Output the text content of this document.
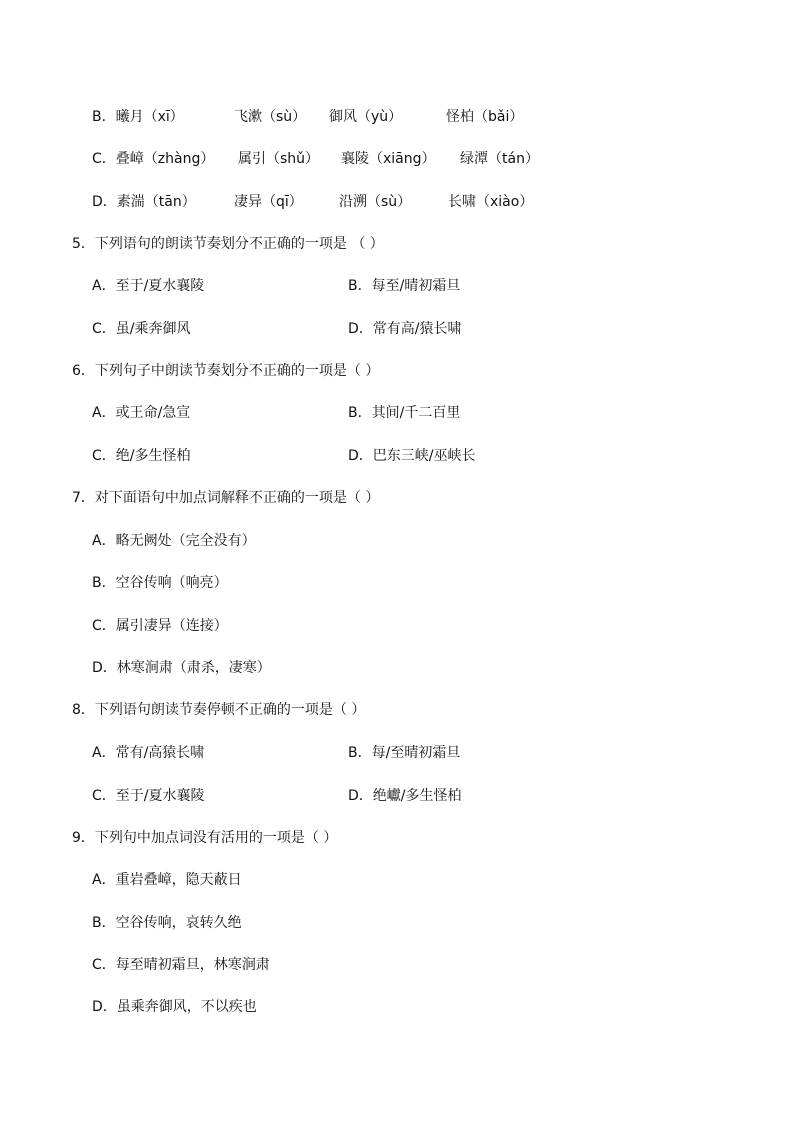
B．曦月（xī）	飞漱（sù） 御风（yù）	怪柏（bǎi）
C．叠嶂（zhàng） 属引（shǔ） 襄陵（xiāng） 绿潭（tán）
D．素湍（tān）	凄异（qī）	沿溯（sù）	长啸（xiào）
5．下列语句的朗读节奏划分不正确的一项是 （ ）
A．至于/夏水襄陵	B．每至/晴初霜旦
C．虽/乘奔御风	D．常有高/猿长啸
6．下列句子中朗读节奏划分不正确的一项是（ ）
A．或王命/急宣	B．其间/千二百里
C．绝/多生怪柏	D．巴东三峡/巫峡长
7．对下面语句中加点词解释不正确的一项是（ ）
A．略无阙处（完全没有）
B．空谷传响（响亮）
C．属引凄异（连接）
D．林寒涧肃（肃杀，凄寒）
8．下列语句朗读节奏停顿不正确的一项是（ ）
A．常有/高猿长啸	B．每/至晴初霜旦
C．至于/夏水襄陵	D．绝巘/多生怪柏
9．下列句中加点词没有活用的一项是（ ）
A．重岩叠嶂，隐天蔽日
B．空谷传响，哀转久绝
C．每至晴初霜旦，林寒涧肃
D．虽乘奔御风，不以疾也
